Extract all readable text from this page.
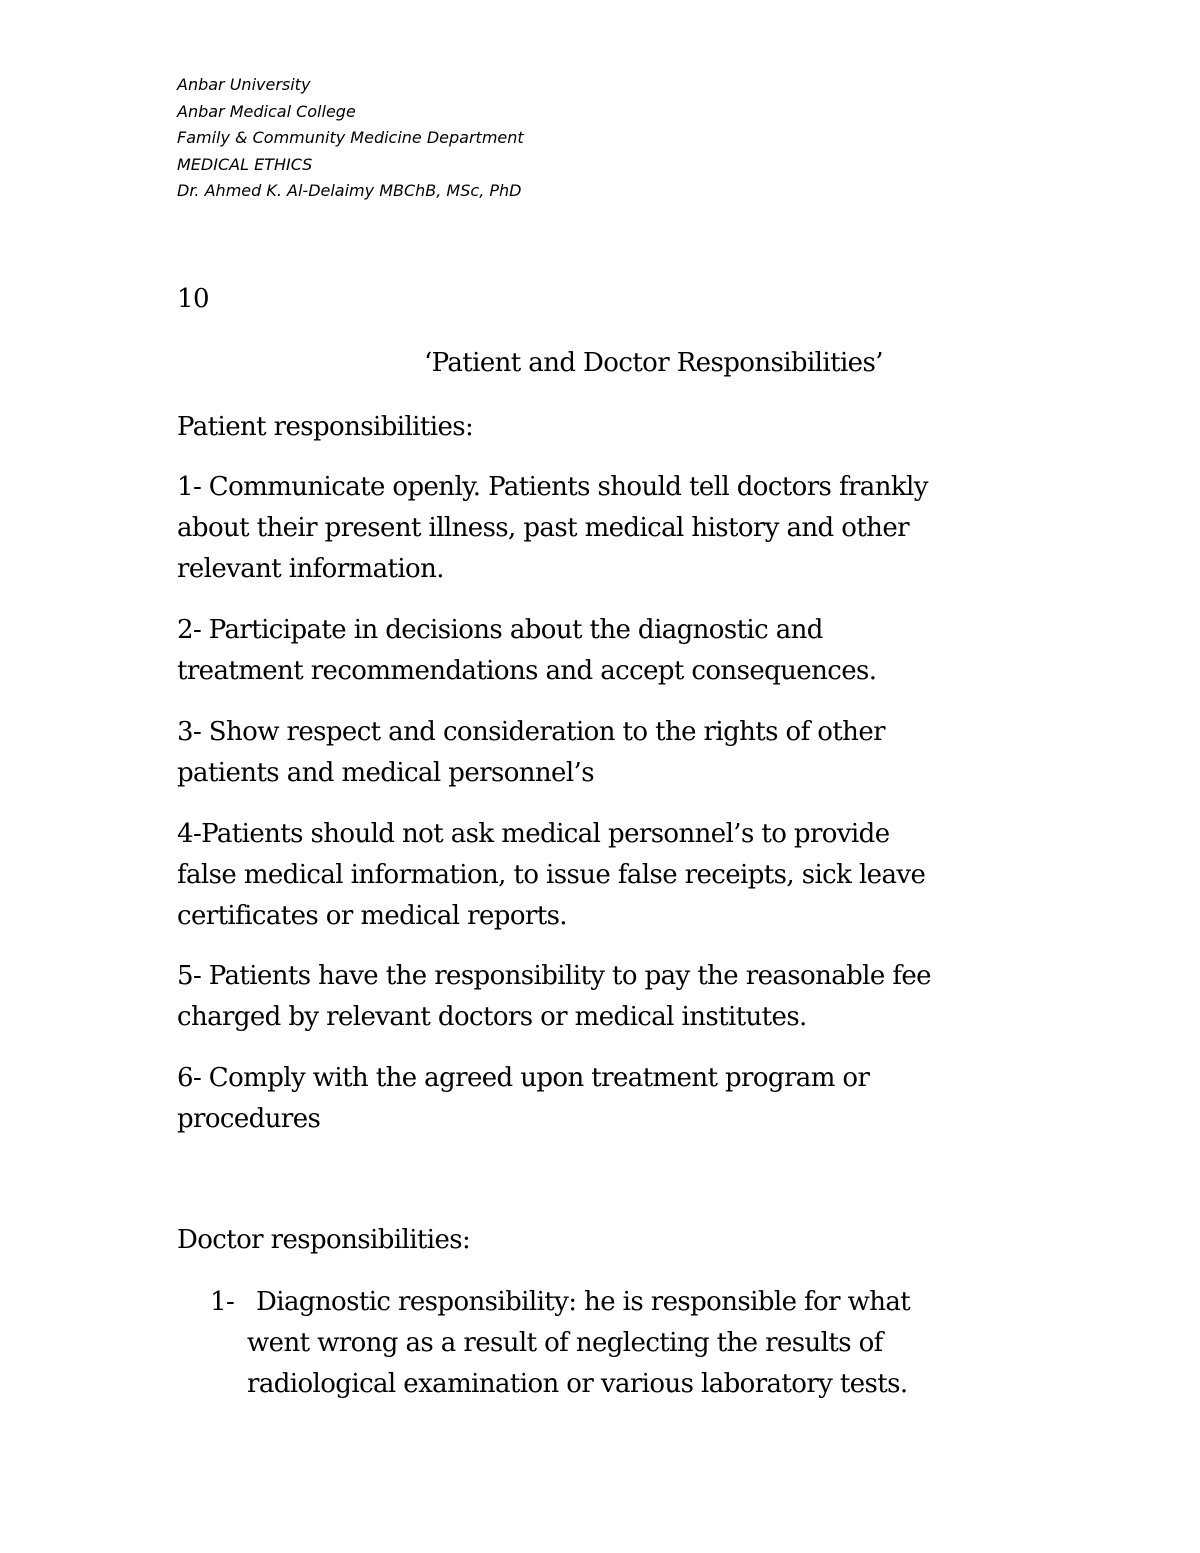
Anbar University
Anbar Medical College
Family & Community Medicine Department
MEDICAL ETHICS
Dr. Ahmed K. Al-Delaimy MBChB, MSc, PhD
10
‘Patient and Doctor Responsibilities’
Patient responsibilities:
1- Communicate openly. Patients should tell doctors frankly
about their present illness, past medical history and other
relevant information.
2- Participate in decisions about the diagnostic and
treatment recommendations and accept consequences.
3- Show respect and consideration to the rights of other
patients and medical personnel’s
4-Patients should not ask medical personnel’s to provide
false medical information, to issue false receipts, sick leave
certificates or medical reports.
5- Patients have the responsibility to pay the reasonable fee
charged by relevant doctors or medical institutes.
6- Comply with the agreed upon treatment program or
procedures
Doctor responsibilities:
1- Diagnostic responsibility: he is responsible for what
went wrong as a result of neglecting the results of
radiological examination or various laboratory tests.
